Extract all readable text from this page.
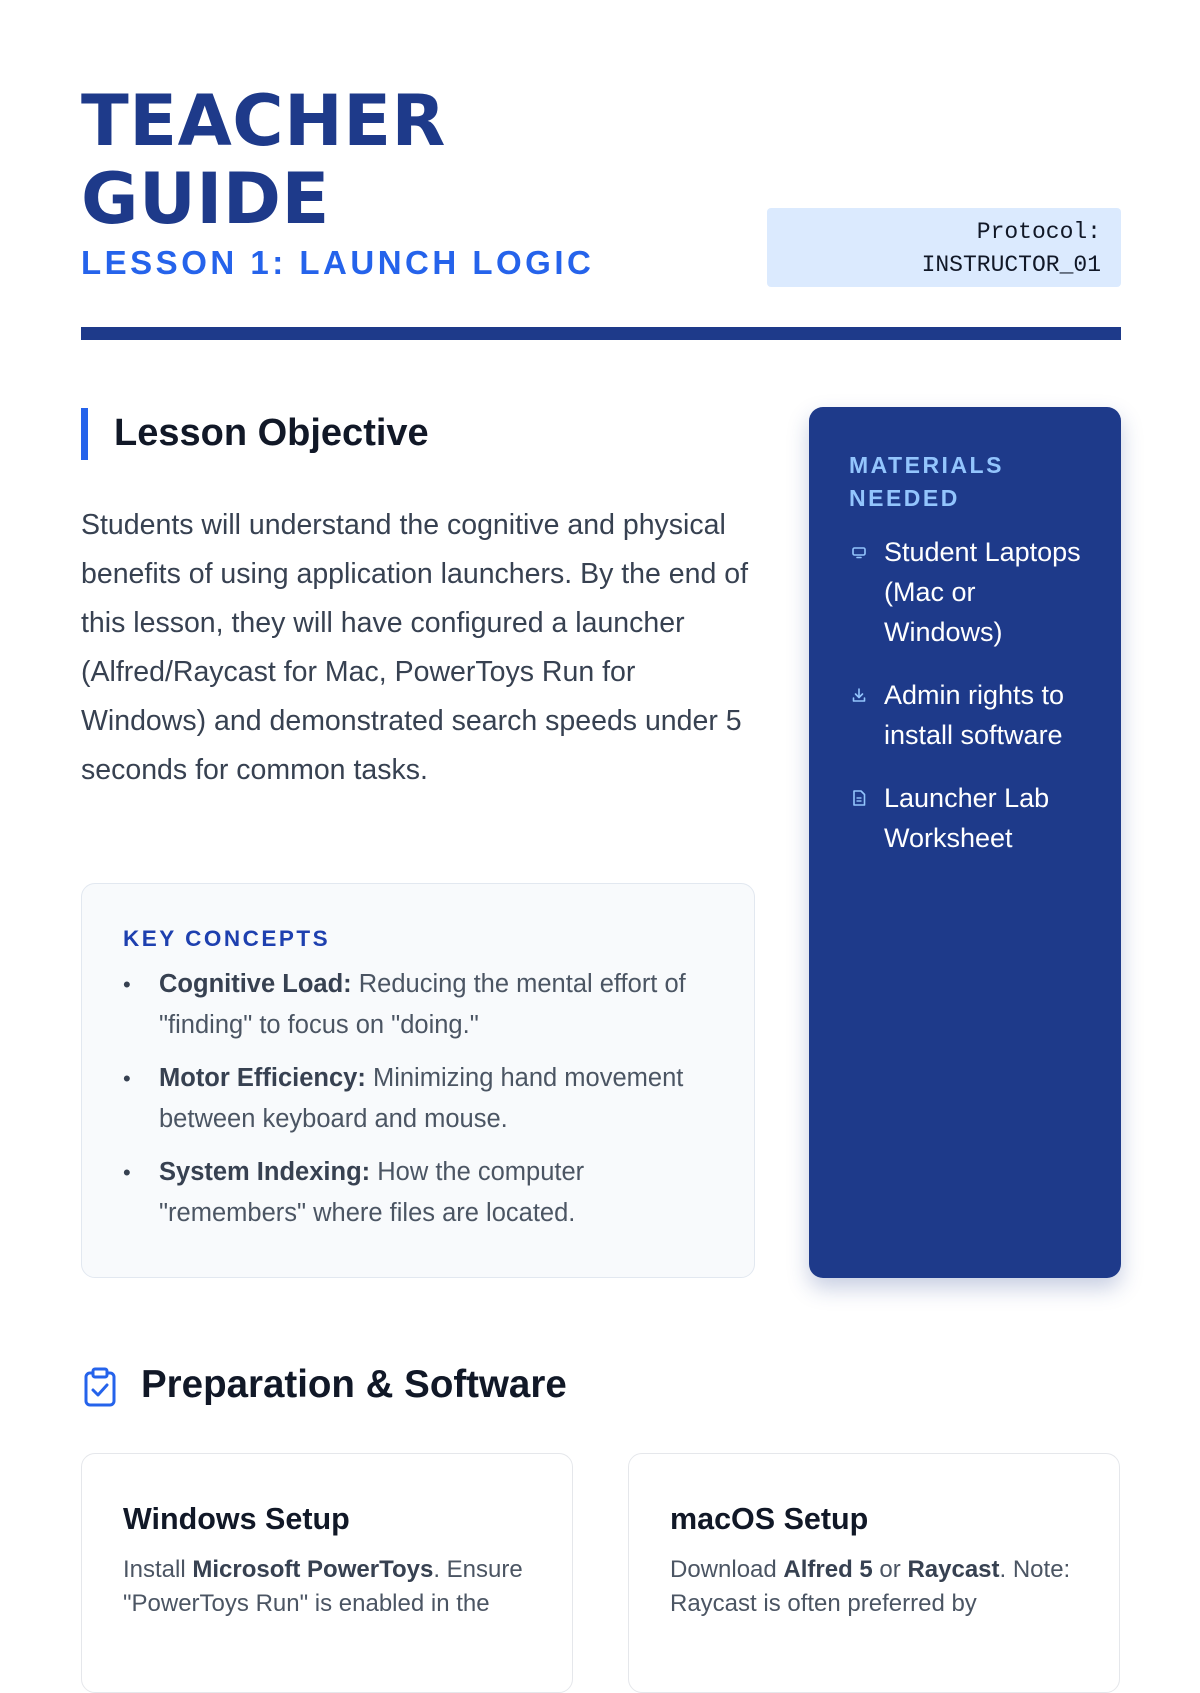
TEACHER
GUIDE
LESSON 1: LAUNCH LOGIC
Protocol:
INSTRUCTOR_01
Lesson Objective

Students will understand the cognitive and physical benefits of using application launchers. By the end of this lesson, they will have configured a launcher (Alfred/Raycast for Mac, PowerToys Run for Windows) and demonstrated search speeds under 5 seconds for common tasks.

KEY CONCEPTS
• Cognitive Load: Reducing the mental effort of "finding" to focus on "doing."
• Motor Efficiency: Minimizing hand movement between keyboard and mouse.
• System Indexing: How the computer "remembers" where files are located.
MATERIALS NEEDED
Student Laptops (Mac or Windows)
Admin rights to install software
Launcher Lab Worksheet
Preparation & Software
Windows Setup
Install Microsoft PowerToys. Ensure "PowerToys Run" is enabled in the
macOS Setup
Download Alfred 5 or Raycast. Note: Raycast is often preferred by
